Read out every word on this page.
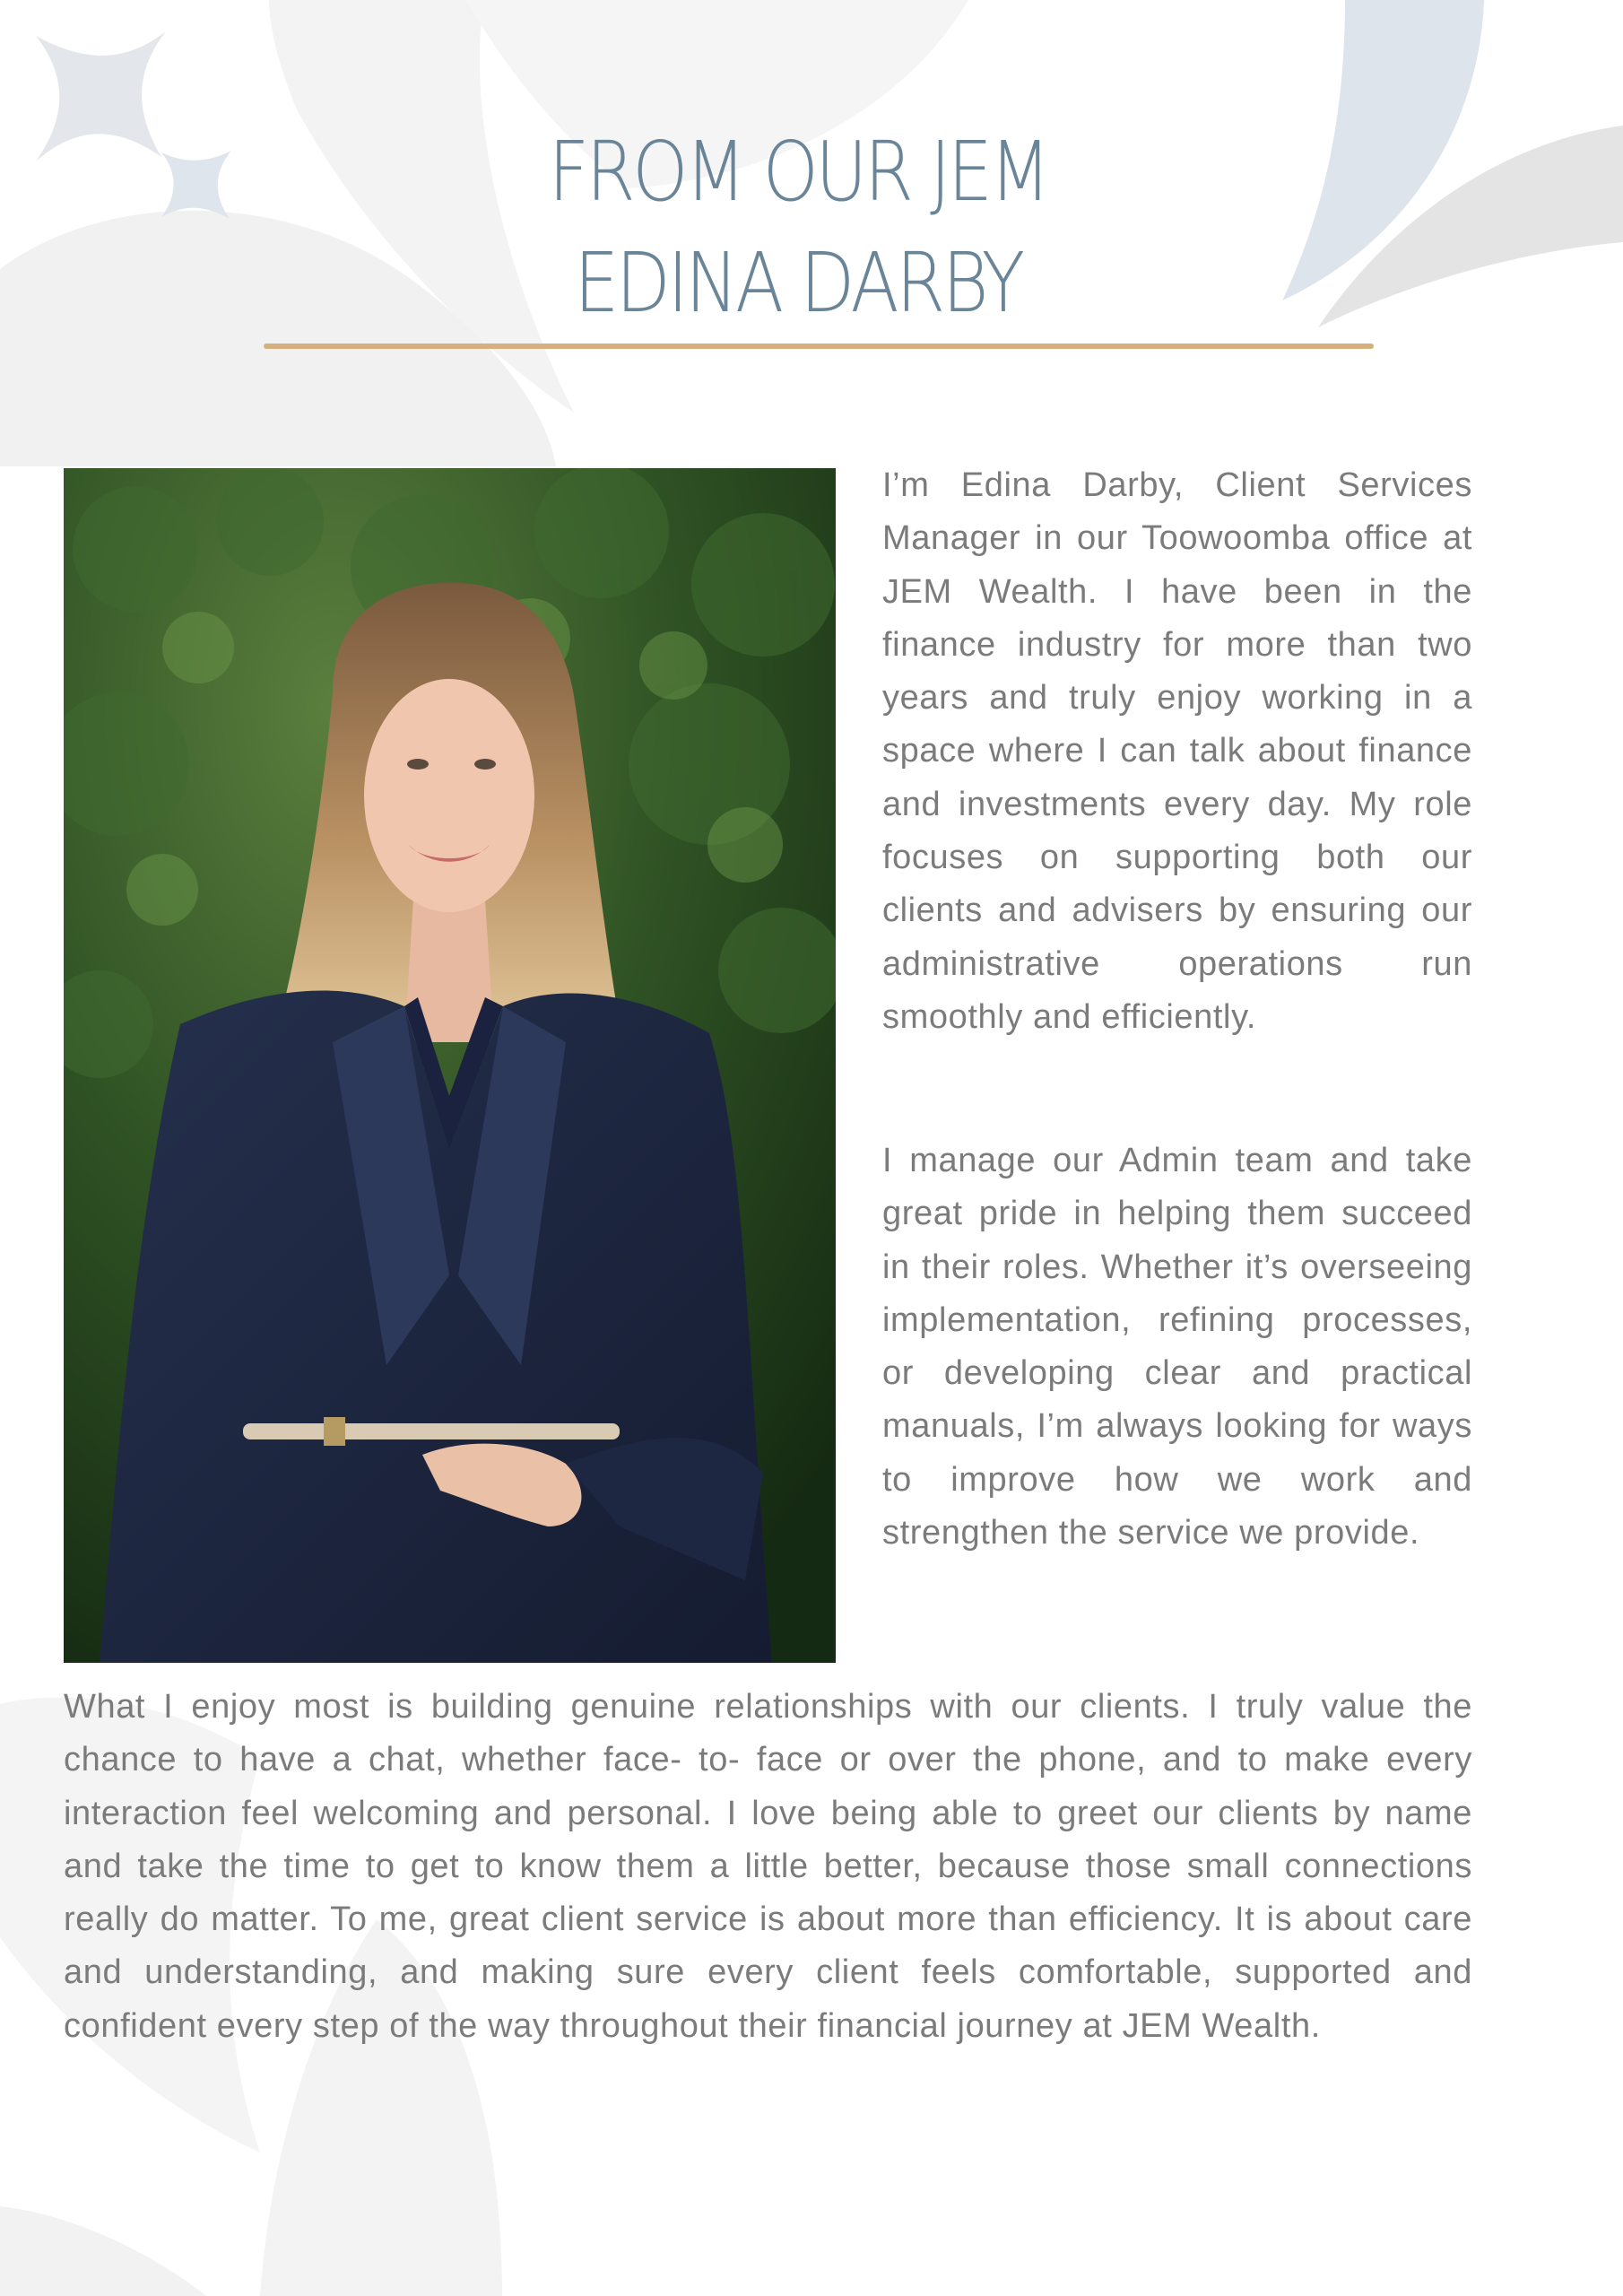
FROM OUR JEM
EDINA DARBY

I’m Edina Darby, Client Services Manager in our Toowoomba office at JEM Wealth. I have been in the finance industry for more than two years and truly enjoy working in a space where I can talk about finance and investments every day. My role focuses on supporting both our clients and advisers by ensuring our administrative operations run smoothly and efficiently.

I manage our Admin team and take great pride in helping them succeed in their roles. Whether it’s overseeing implementation, refining processes, or developing clear and practical manuals, I’m always looking for ways to improve how we work and strengthen the service we provide.

What I enjoy most is building genuine relationships with our clients. I truly value the chance to have a chat, whether face- to- face or over the phone, and to make every interaction feel welcoming and personal. I love being able to greet our clients by name and take the time to get to know them a little better, because those small connections really do matter. To me, great client service is about more than efficiency. It is about care and understanding, and making sure every client feels comfortable, supported and confident every step of the way throughout their financial journey at JEM Wealth.
